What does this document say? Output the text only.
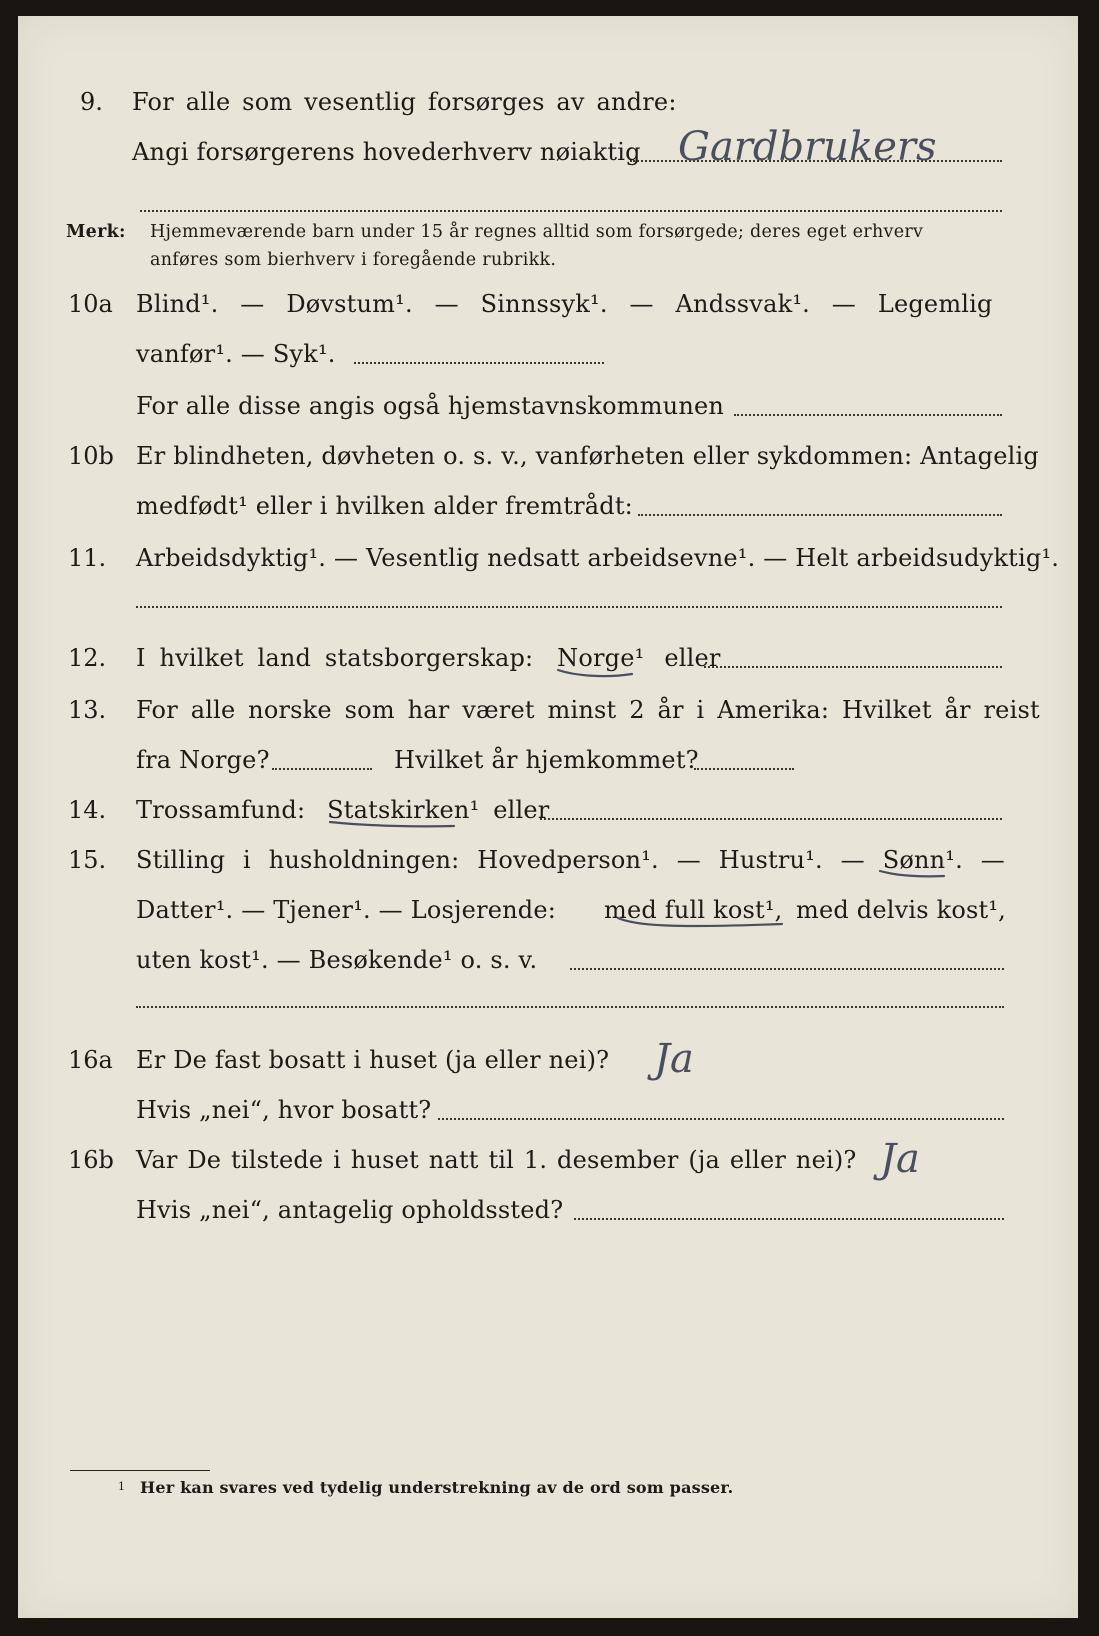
9. For alle som vesentlig forsørges av andre:
Angi forsørgerens hovederhverv nøiaktig Gardbrukers
Merk: Hjemmeværende barn under 15 år regnes alltid som forsørgede; deres eget erhverv
anføres som bierhverv i foregående rubrikk.
10a Blind¹. — Døvstum¹. — Sinnssyk¹. — Andssvak¹. — Legemlig
vanfør¹. — Syk¹.
For alle disse angis også hjemstavnskommunen
10b Er blindheten, døvheten o. s. v., vanførheten eller sykdommen: Antagelig
medfødt¹ eller i hvilken alder fremtrådt:
11. Arbeidsdyktig¹. — Vesentlig nedsatt arbeidsevne¹. — Helt arbeidsudyktig¹.
12. I hvilket land statsborgerskap: Norge¹ eller
13. For alle norske som har været minst 2 år i Amerika: Hvilket år reist
fra Norge?	Hvilket år hjemkommet?
14. Trossamfund: Statskirken¹ eller
15. Stilling i husholdningen: Hovedperson¹. — Hustru¹. — Sønn¹. —
Datter¹. — Tjener¹. — Losjerende: med full kost¹, med delvis kost¹,
uten kost¹. — Besøkende¹ o. s. v.
16a Er De fast bosatt i huset (ja eller nei)? Ja
Hvis „nei“, hvor bosatt?
16b Var De tilstede i huset natt til 1. desember (ja eller nei)? Ja
Hvis „nei“, antagelig opholdssted?
1 Her kan svares ved tydelig understrekning av de ord som passer.
